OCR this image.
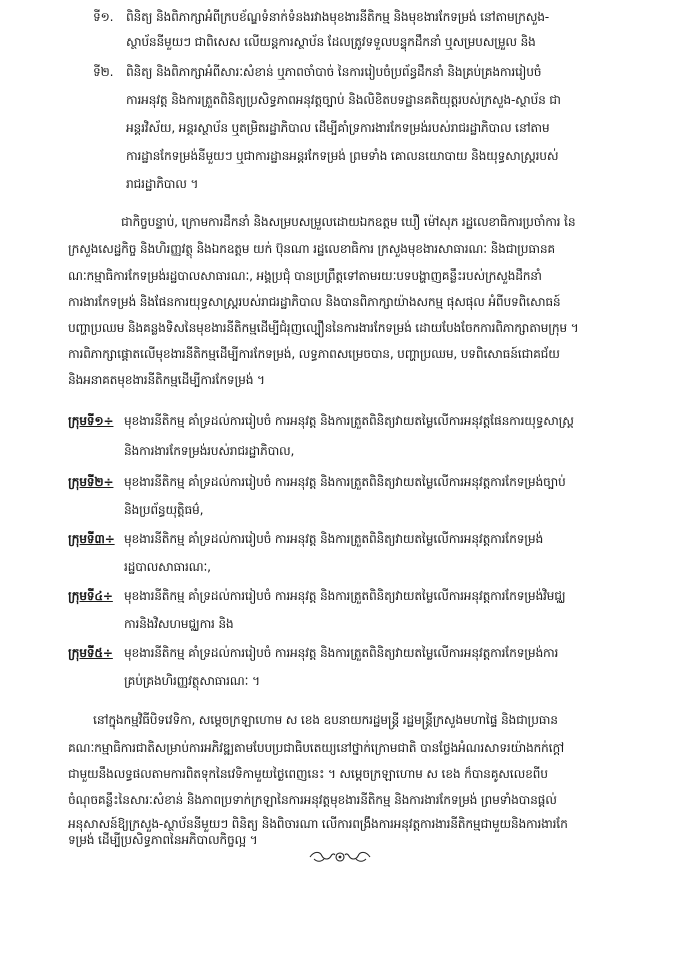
ទី១. ពិនិត្យ និងពិភាក្សាអំពីក្របខ័ណ្ឌទំនាក់ទំនងរវាងមុខងារនីតិកម្ម និងមុខងារកែទម្រង់ នៅតាមក្រសួង-
ស្ថាប័ននីមួយៗ ជាពិសេស លើយន្តការស្ថាប័ន ដែលត្រូវទទួលបន្ទុកដឹកនាំ ឬសម្របសម្រួល និង
ទី២. ពិនិត្យ និងពិភាក្សាអំពីសារៈសំខាន់ ឬភាពចាំបាច់ នៃការរៀបចំប្រព័ន្ធដឹកនាំ និងគ្រប់គ្រងការរៀបចំ
ការអនុវត្ត និងការត្រួតពិនិត្យប្រសិទ្ធភាពអនុវត្តច្បាប់ និងលិខិតបទដ្ឋានគតិយុត្តរបស់ក្រសួង-ស្ថាប័ន ជា
អន្តរវិស័យ, អន្តរស្ថាប័ន ឬតម្រិតរដ្ឋាភិបាល ដើម្បីគាំទ្រការងារកែទម្រង់របស់រាជរដ្ឋាភិបាល នៅតាម
ការដ្ឋានកែទម្រង់នីមួយៗ ឬជាការដ្ឋានអន្តរកែទម្រង់ ព្រមទាំង គោលនយោបាយ និងយុទ្ធសាស្ត្ររបស់
រាជរដ្ឋាភិបាល ។
ជាកិច្ចបន្ទាប់, ក្រោមការដឹកនាំ និងសម្របសម្រួលដោយឯកឧត្តម ឃឿ ម៉ៅសុភ រដ្ឋលេខាធិការប្រចាំការ នៃ
ក្រសួងសេដ្ឋកិច្ច និងហិរញ្ញវត្ថុ និងឯកឧត្តម យក់ ប៊ុនណា រដ្ឋលេខាធិការ ក្រសួងមុខងារសាធារណៈ និងជាប្រធានគ
ណៈកម្មាធិការកែទម្រង់រដ្ឋបាលសាធារណៈ, អង្គប្រជុំ បានប្រព្រឹត្តទៅតាមរយៈបទបង្ហាញគន្លឹះរបស់ក្រសួងដឹកនាំ
ការងារកែទម្រង់ និងផែនការយុទ្ធសាស្ត្ររបស់រាជរដ្ឋាភិបាល និងបានពិភាក្សាយ៉ាងសកម្ម ផុសផុល អំពីបទពិសោធន៍
បញ្ហាប្រឈម និងគន្លងទិសនៃមុខងារនីតិកម្មដើម្បីជំរុញល្បឿននៃការងារកែទម្រង់ ដោយបែងចែកការពិភាក្សាតាមក្រុម ។
ការពិភាក្សាផ្តោតលើមុខងារនីតិកម្មដើម្បីការកែទម្រង់, លទ្ធភាពសម្រេចបាន, បញ្ហាប្រឈម, បទពិសោធន៍ជោគជ័យ
និងអនាគតមុខងារនីតិកម្មដើម្បីការកែទម្រង់ ។
ក្រុមទី១÷ មុខងារនីតិកម្ម គាំទ្រដល់ការរៀបចំ ការអនុវត្ត និងការត្រួតពិនិត្យវាយតម្លៃលើការអនុវត្តផែនការយុទ្ធសាស្ត្រ
និងការងារកែទម្រង់របស់រាជរដ្ឋាភិបាល,
ក្រុមទី២÷ មុខងារនីតិកម្ម គាំទ្រដល់ការរៀបចំ ការអនុវត្ត និងការត្រួតពិនិត្យវាយតម្លៃលើការអនុវត្តការកែទម្រង់ច្បាប់
និងប្រព័ន្ធយុត្តិធម៌,
ក្រុមទី៣÷ មុខងារនីតិកម្ម គាំទ្រដល់ការរៀបចំ ការអនុវត្ត និងការត្រួតពិនិត្យវាយតម្លៃលើការអនុវត្តការកែទម្រង់
រដ្ឋបាលសាធារណៈ,
ក្រុមទី៤÷ មុខងារនីតិកម្ម គាំទ្រដល់ការរៀបចំ ការអនុវត្ត និងការត្រួតពិនិត្យវាយតម្លៃលើការអនុវត្តការកែទម្រង់វិមជ្ឈ
ការនិងវិសហមជ្ឈការ និង
ក្រុមទី៥÷ មុខងារនីតិកម្ម គាំទ្រដល់ការរៀបចំ ការអនុវត្ត និងការត្រួតពិនិត្យវាយតម្លៃលើការអនុវត្តការកែទម្រង់ការ
គ្រប់គ្រងហិរញ្ញវត្ថុសាធារណៈ ។
នៅក្នុងកម្មវិធីបិទវេទិកា, សម្តេចក្រឡាហោម ស ខេង ឧបនាយករដ្ឋមន្ត្រី រដ្ឋមន្ត្រីក្រសួងមហាផ្ទៃ និងជាប្រធាន
គណៈកម្មាធិការជាតិសម្រាប់ការអភិវឌ្ឍតាមបែបប្រជាធិបតេយ្យនៅថ្នាក់ក្រោមជាតិ បានថ្លែងអំណរសាទរយ៉ាងកក់ក្តៅ
ជាមួយនឹងលទ្ធផលតាមការពិតទុកនៃវេទិកាមួយថ្ងៃពេញនេះ ។ សម្តេចក្រឡាហោម ស ខេង ក៏បានគូសលេខពីប
ចំណុចគន្លឹះនៃសារៈសំខាន់ និងភាពប្រទាក់ក្រឡានៃការអនុវត្តមុខងារនីតិកម្ម និងការងារកែទម្រង់ ព្រមទាំងបានផ្តល់
អនុសាសន៍ឱ្យក្រសួង-ស្ថាប័ននីមួយៗ ពិនិត្យ និងពិចារណា លើការពង្រឹងការអនុវត្តការងារនីតិកម្មជាមួយនិងការងារកែ
ទម្រង់ ដើម្បីប្រសិទ្ធភាពនៃអភិបាលកិច្ចល្អ ។
